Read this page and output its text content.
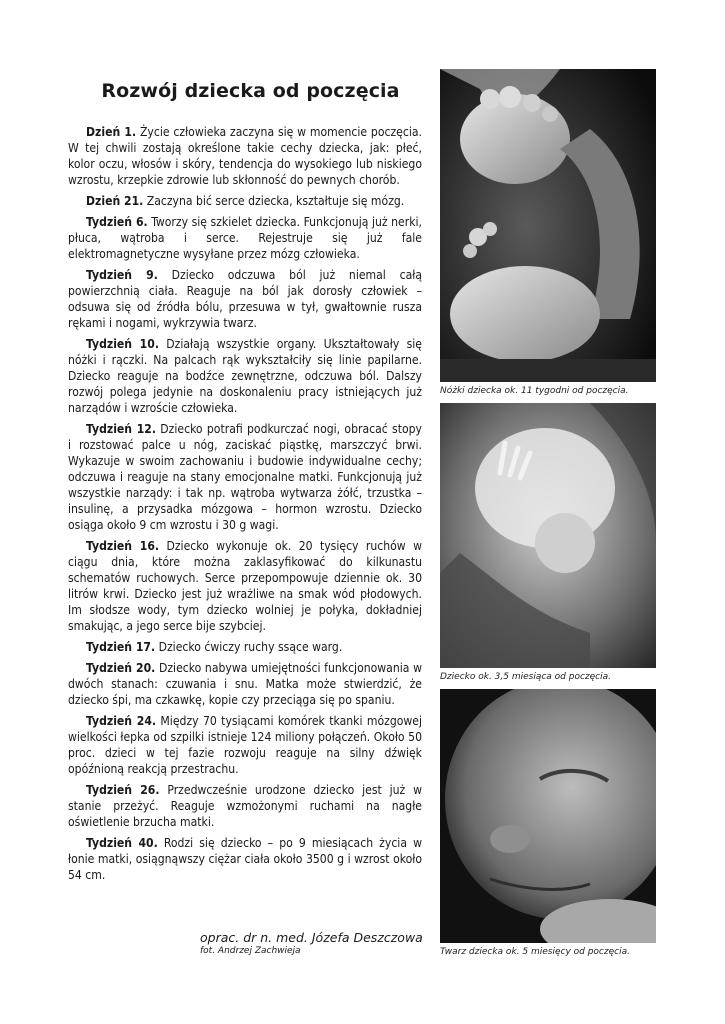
Rozwój dziecka od poczęcia

Dzień 1. Życie człowieka zaczyna się w momencie poczęcia. W tej chwili zostają określone takie cechy dziecka, jak: płeć, kolor oczu, włosów i skóry, tendencja do wysokiego lub niskiego wzrostu, krzepkie zdrowie lub skłonność do pewnych chorób.

Dzień 21. Zaczyna bić serce dziecka, kształtuje się mózg.

Tydzień 6. Tworzy się szkielet dziecka. Funkcjonują już nerki, płuca, wątroba i serce. Rejestruje się już fale elektromagnetyczne wysyłane przez mózg człowieka.

Tydzień 9. Dziecko odczuwa ból już niemal całą powierzchnią ciała. Reaguje na ból jak dorosły człowiek – odsuwa się od źródła bólu, przesuwa w tył, gwałtownie rusza rękami i nogami, wykrzywia twarz.

Tydzień 10. Działają wszystkie organy. Ukształtowały się nóżki i rączki. Na palcach rąk wykształciły się linie papilarne. Dziecko reaguje na bodźce zewnętrzne, odczuwa ból. Dalszy rozwój polega jedynie na doskonaleniu pracy istniejących już narządów i wzroście człowieka.

Tydzień 12. Dziecko potrafi podkurczać nogi, obracać stopy i rozstować palce u nóg, zaciskać piąstkę, marszczyć brwi. Wykazuje w swoim zachowaniu i budowie indywidualne cechy; odczuwa i reaguje na stany emocjonalne matki. Funkcjonują już wszystkie narządy: i tak np. wątroba wytwarza żółć, trzustka – insulinę, a przysadka mózgowa – hormon wzrostu. Dziecko osiąga około 9 cm wzrostu i 30 g wagi.

Tydzień 16. Dziecko wykonuje ok. 20 tysięcy ruchów w ciągu dnia, które można zaklasyfikować do kilkunastu schematów ruchowych. Serce przepompowuje dziennie ok. 30 litrów krwi. Dziecko jest już wrażliwe na smak wód płodowych. Im słodsze wody, tym dziecko wolniej je połyka, dokładniej smakując, a jego serce bije szybciej.

Tydzień 17. Dziecko ćwiczy ruchy ssące warg.

Tydzień 20. Dziecko nabywa umiejętności funkcjonowania w dwóch stanach: czuwania i snu. Matka może stwierdzić, że dziecko śpi, ma czkawkę, kopie czy przeciąga się po spaniu.

Tydzień 24. Między 70 tysiącami komórek tkanki mózgowej wielkości łepka od szpilki istnieje 124 miliony połączeń. Około 50 proc. dzieci w tej fazie rozwoju reaguje na silny dźwięk opóźnioną reakcją przestrachu.

Tydzień 26. Przedwcześnie urodzone dziecko jest już w stanie przeżyć. Reaguje wzmożonymi ruchami na nagłe oświetlenie brzucha matki.

Tydzień 40. Rodzi się dziecko – po 9 miesiącach życia w łonie matki, osiągnąwszy ciężar ciała około 3500 g i wzrost około 54 cm.

oprac. dr n. med. Józefa Deszczowa
fot. Andrzej Zachwieja
Nóżki dziecka ok. 11 tygodni od poczęcia.
Dziecko ok. 3,5 miesiąca od poczęcia.
Twarz dziecka ok. 5 miesięcy od poczęcia.
